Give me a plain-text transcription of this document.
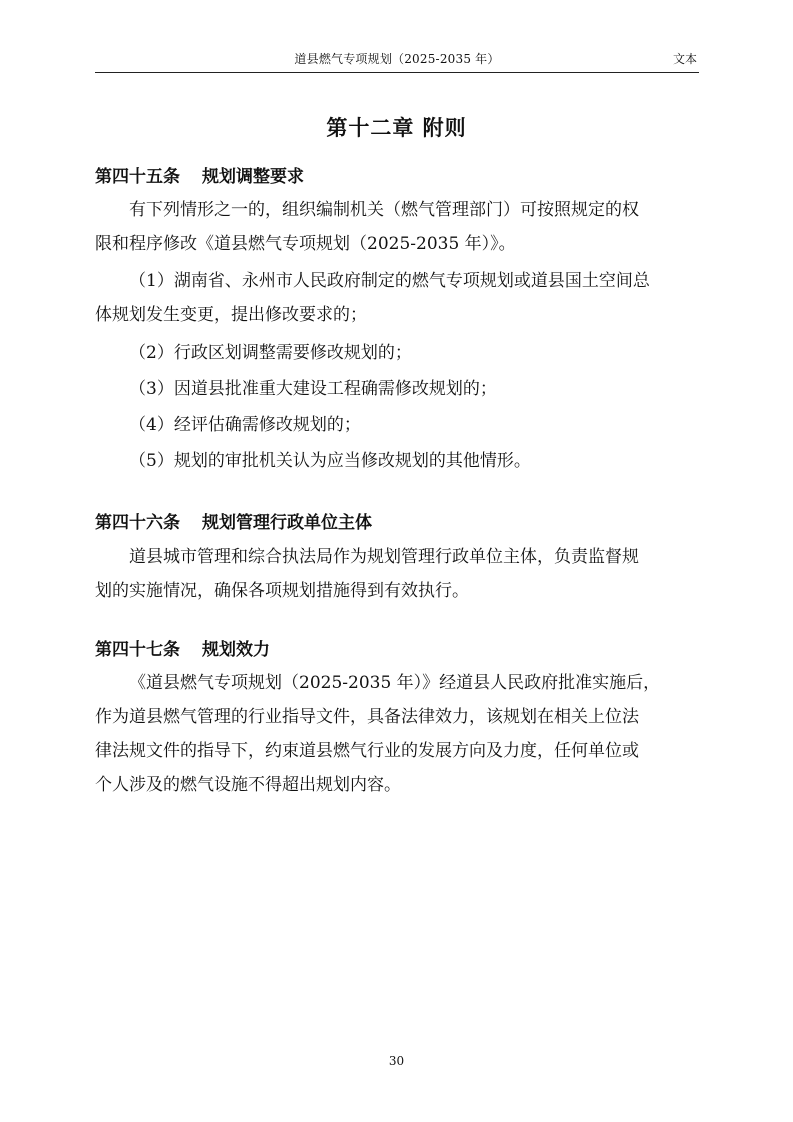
道县燃气专项规划（2025-2035 年）	文本
第十二章 附则
第四十五条 规划调整要求
有下列情形之一的，组织编制机关（燃气管理部门）可按照规定的权
限和程序修改《道县燃气专项规划（2025-2035 年）》。
（1）湖南省、永州市人民政府制定的燃气专项规划或道县国土空间总
体规划发生变更，提出修改要求的；
（2）行政区划调整需要修改规划的；
（3）因道县批准重大建设工程确需修改规划的；
（4）经评估确需修改规划的；
（5）规划的审批机关认为应当修改规划的其他情形。
第四十六条 规划管理行政单位主体
道县城市管理和综合执法局作为规划管理行政单位主体，负责监督规
划的实施情况，确保各项规划措施得到有效执行。
第四十七条 规划效力
《道县燃气专项规划（2025-2035 年）》经道县人民政府批准实施后，
作为道县燃气管理的行业指导文件，具备法律效力，该规划在相关上位法
律法规文件的指导下，约束道县燃气行业的发展方向及力度，任何单位或
个人涉及的燃气设施不得超出规划内容。
30
